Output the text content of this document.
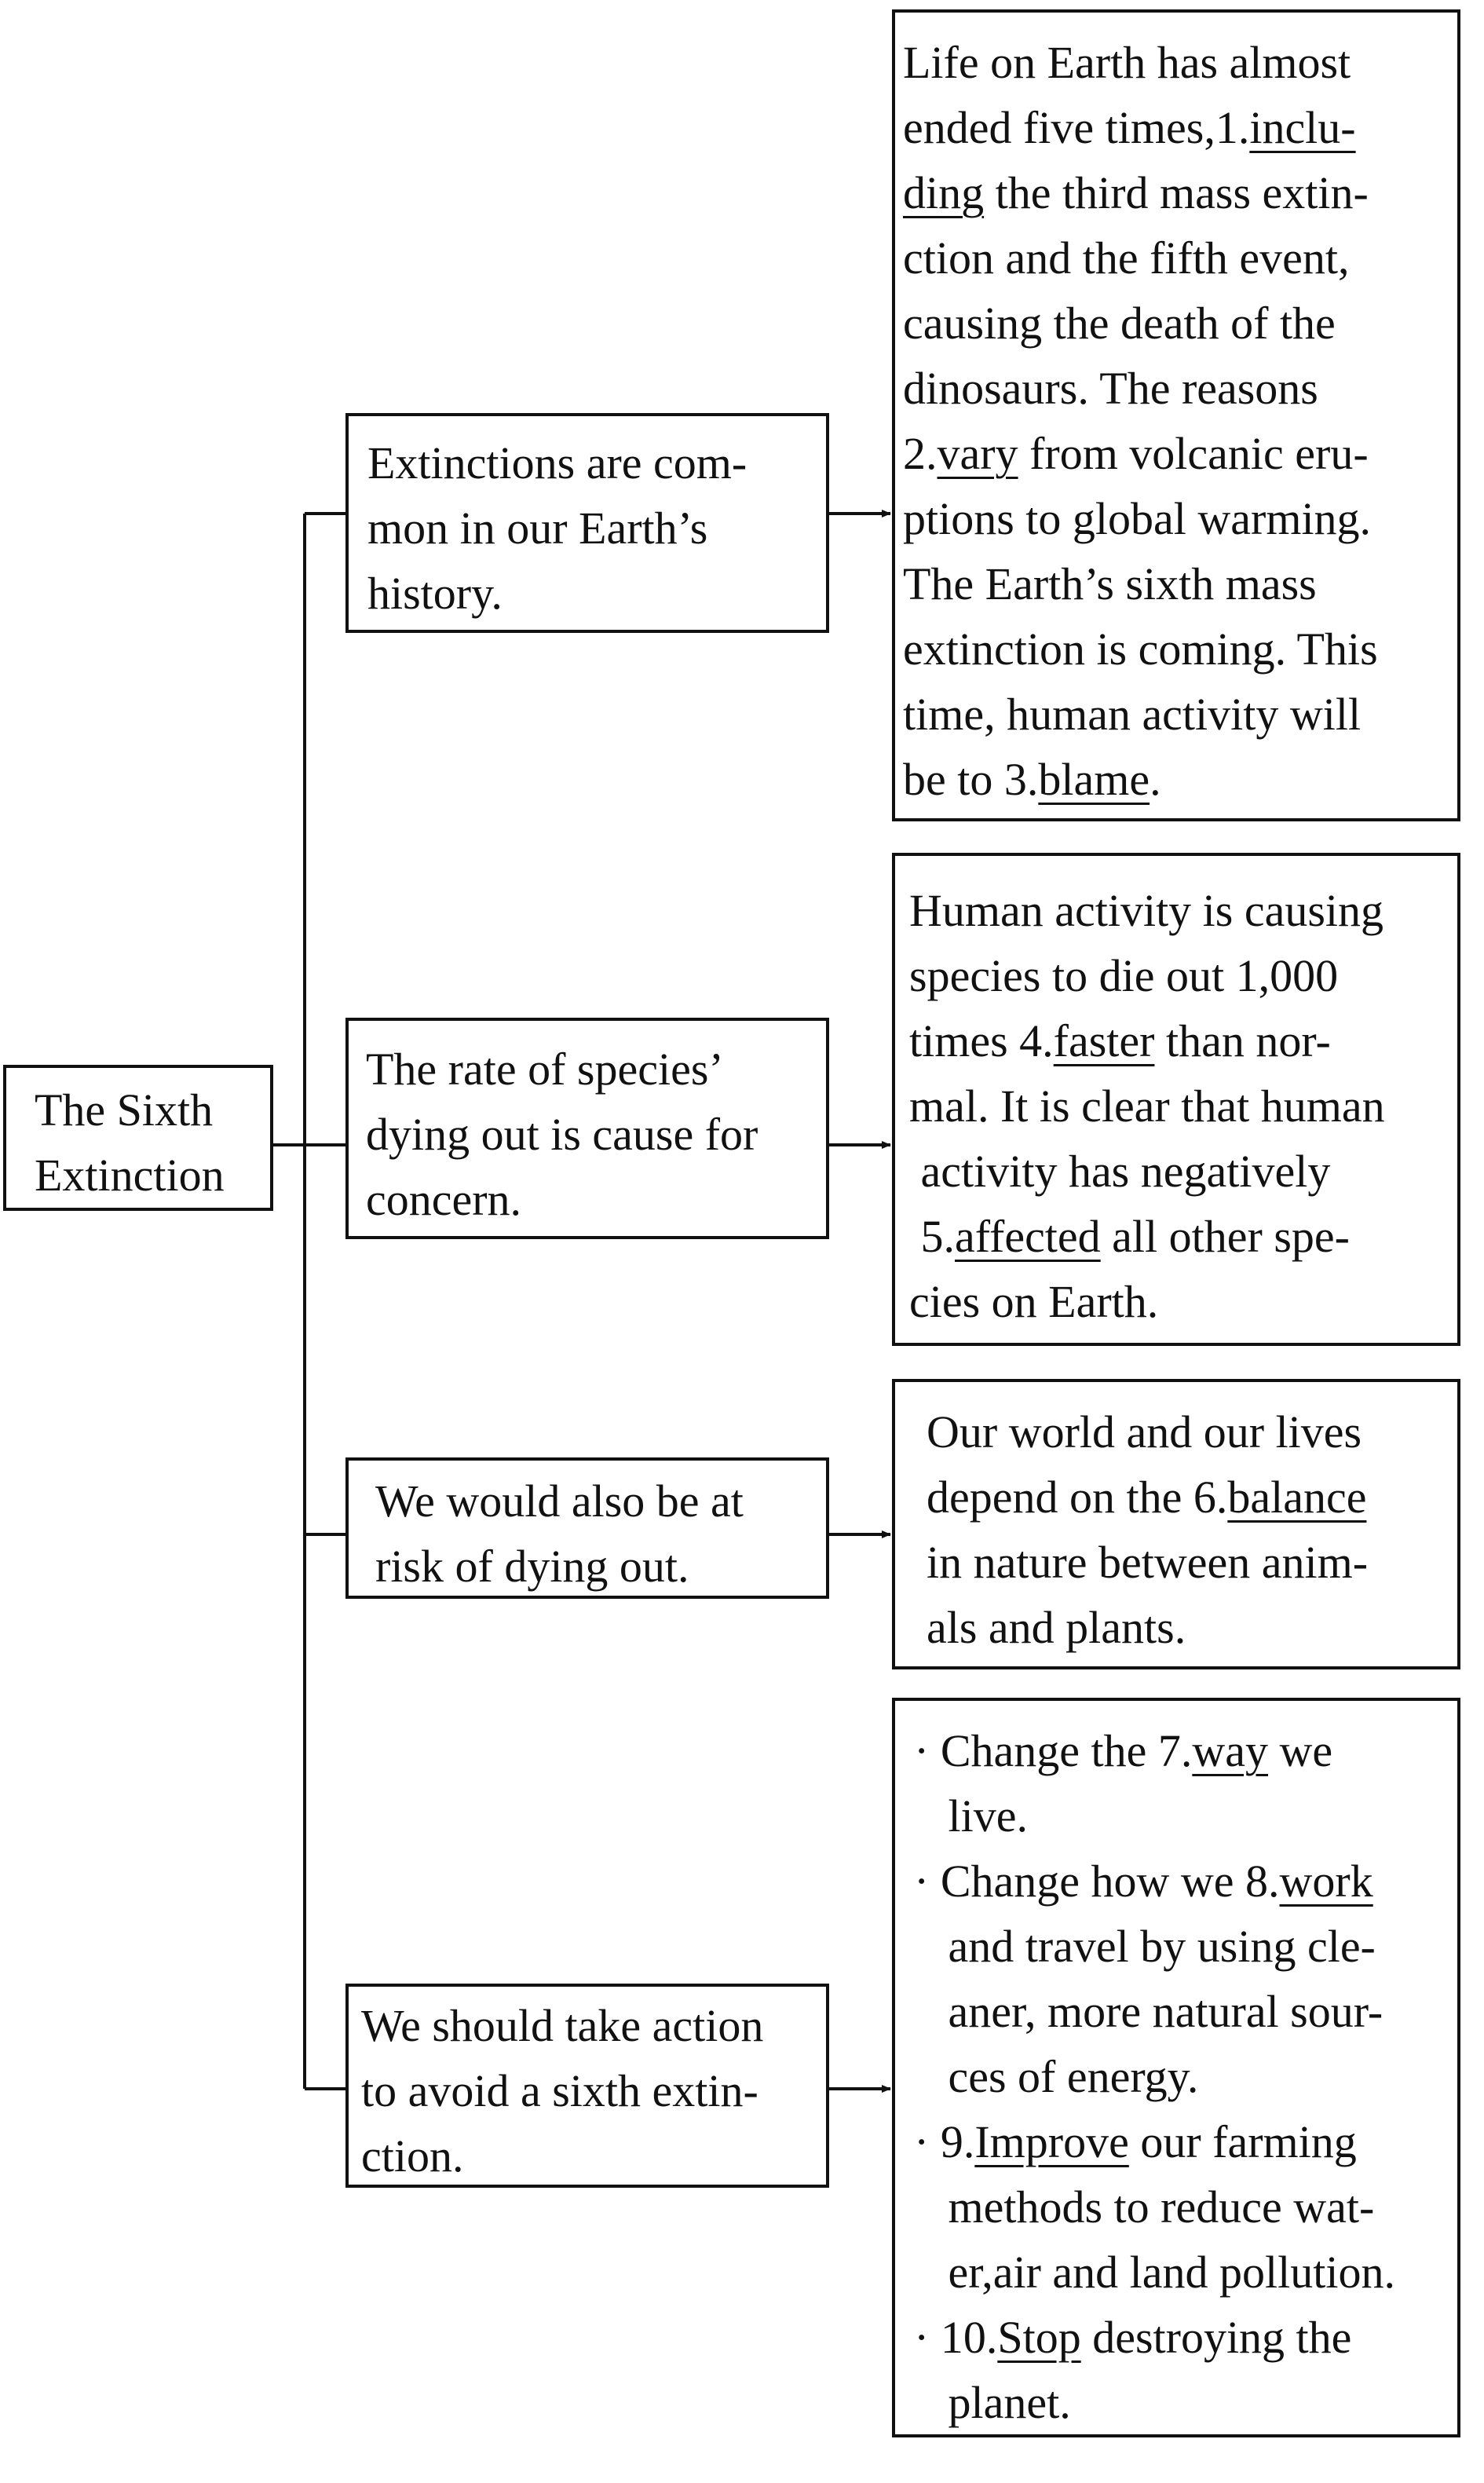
The Sixth
Extinction
Extinctions are com-
mon in our Earth’s
history.
The rate of species’
dying out is cause for
concern.
We would also be at
risk of dying out.
We should take action
to avoid a sixth extin-
ction.
Life on Earth has almost
ended five times,1.inclu-
ding the third mass extin-
ction and the fifth event,
causing the death of the
dinosaurs. The reasons
2.vary from volcanic eru-
ptions to global warming.
The Earth’s sixth mass
extinction is coming. This
time, human activity will
be to 3.blame.
Human activity is causing
species to die out 1,000
times 4.faster than nor-
mal. It is clear that human
activity has negatively
5.affected all other spe-
cies on Earth.
Our world and our lives
depend on the 6.balance
in nature between anim-
als and plants.
· Change the 7.way we
live.
· Change how we 8.work
and travel by using cle-
aner, more natural sour-
ces of energy.
· 9.Improve our farming
methods to reduce wat-
er,air and land pollution.
· 10.Stop destroying the
planet.
